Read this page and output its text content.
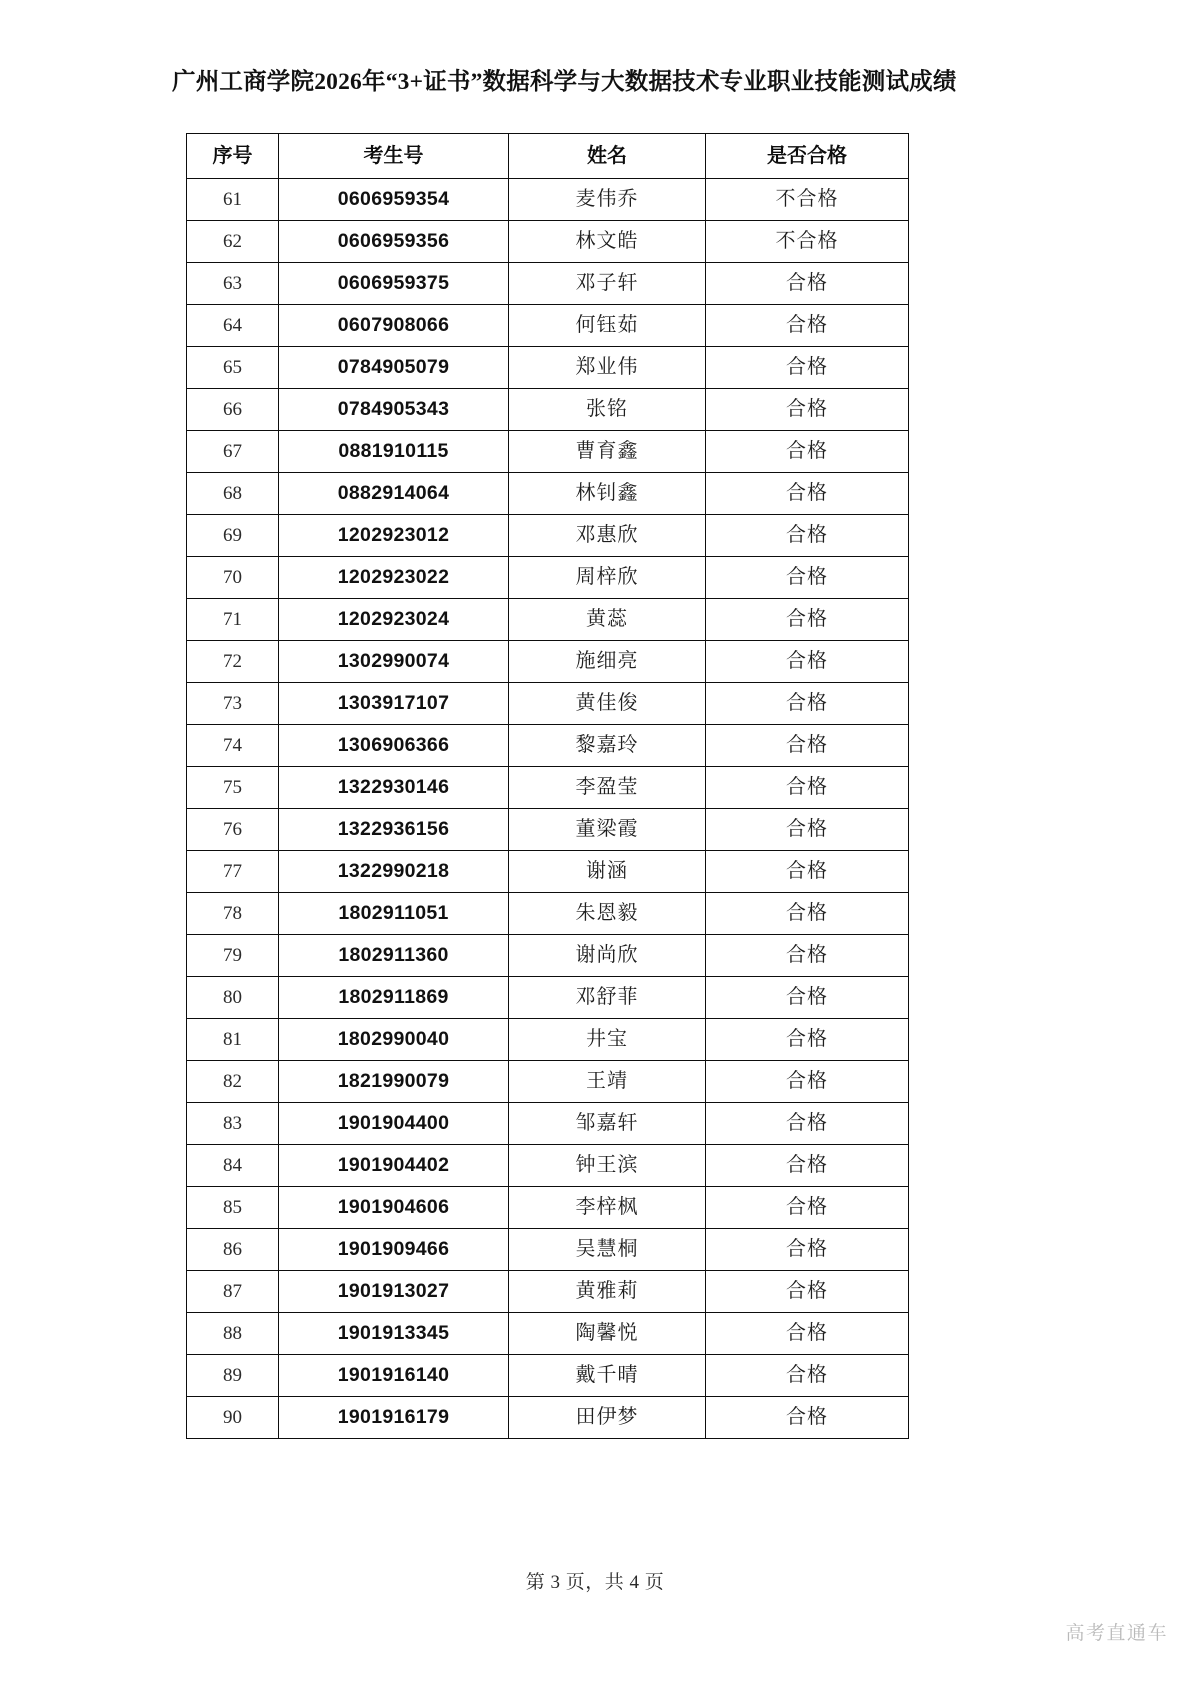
广州工商学院2026年“3+证书”数据科学与大数据技术专业职业技能测试成绩
序号	考生号	姓名	是否合格
61	0606959354	麦伟乔	不合格
62	0606959356	林文皓	不合格
63	0606959375	邓子轩	合格
64	0607908066	何钰茹	合格
65	0784905079	郑业伟	合格
66	0784905343	张铭	合格
67	0881910115	曹育鑫	合格
68	0882914064	林钊鑫	合格
69	1202923012	邓惠欣	合格
70	1202923022	周梓欣	合格
71	1202923024	黄蕊	合格
72	1302990074	施细亮	合格
73	1303917107	黄佳俊	合格
74	1306906366	黎嘉玲	合格
75	1322930146	李盈莹	合格
76	1322936156	董梁霞	合格
77	1322990218	谢涵	合格
78	1802911051	朱恩毅	合格
79	1802911360	谢尚欣	合格
80	1802911869	邓舒菲	合格
81	1802990040	井宝	合格
82	1821990079	王靖	合格
83	1901904400	邹嘉轩	合格
84	1901904402	钟王滨	合格
85	1901904606	李梓枫	合格
86	1901909466	吴慧桐	合格
87	1901913027	黄雅莉	合格
88	1901913345	陶馨悦	合格
89	1901916140	戴千晴	合格
90	1901916179	田伊梦	合格
第 3 页，共 4 页
高考直通车
